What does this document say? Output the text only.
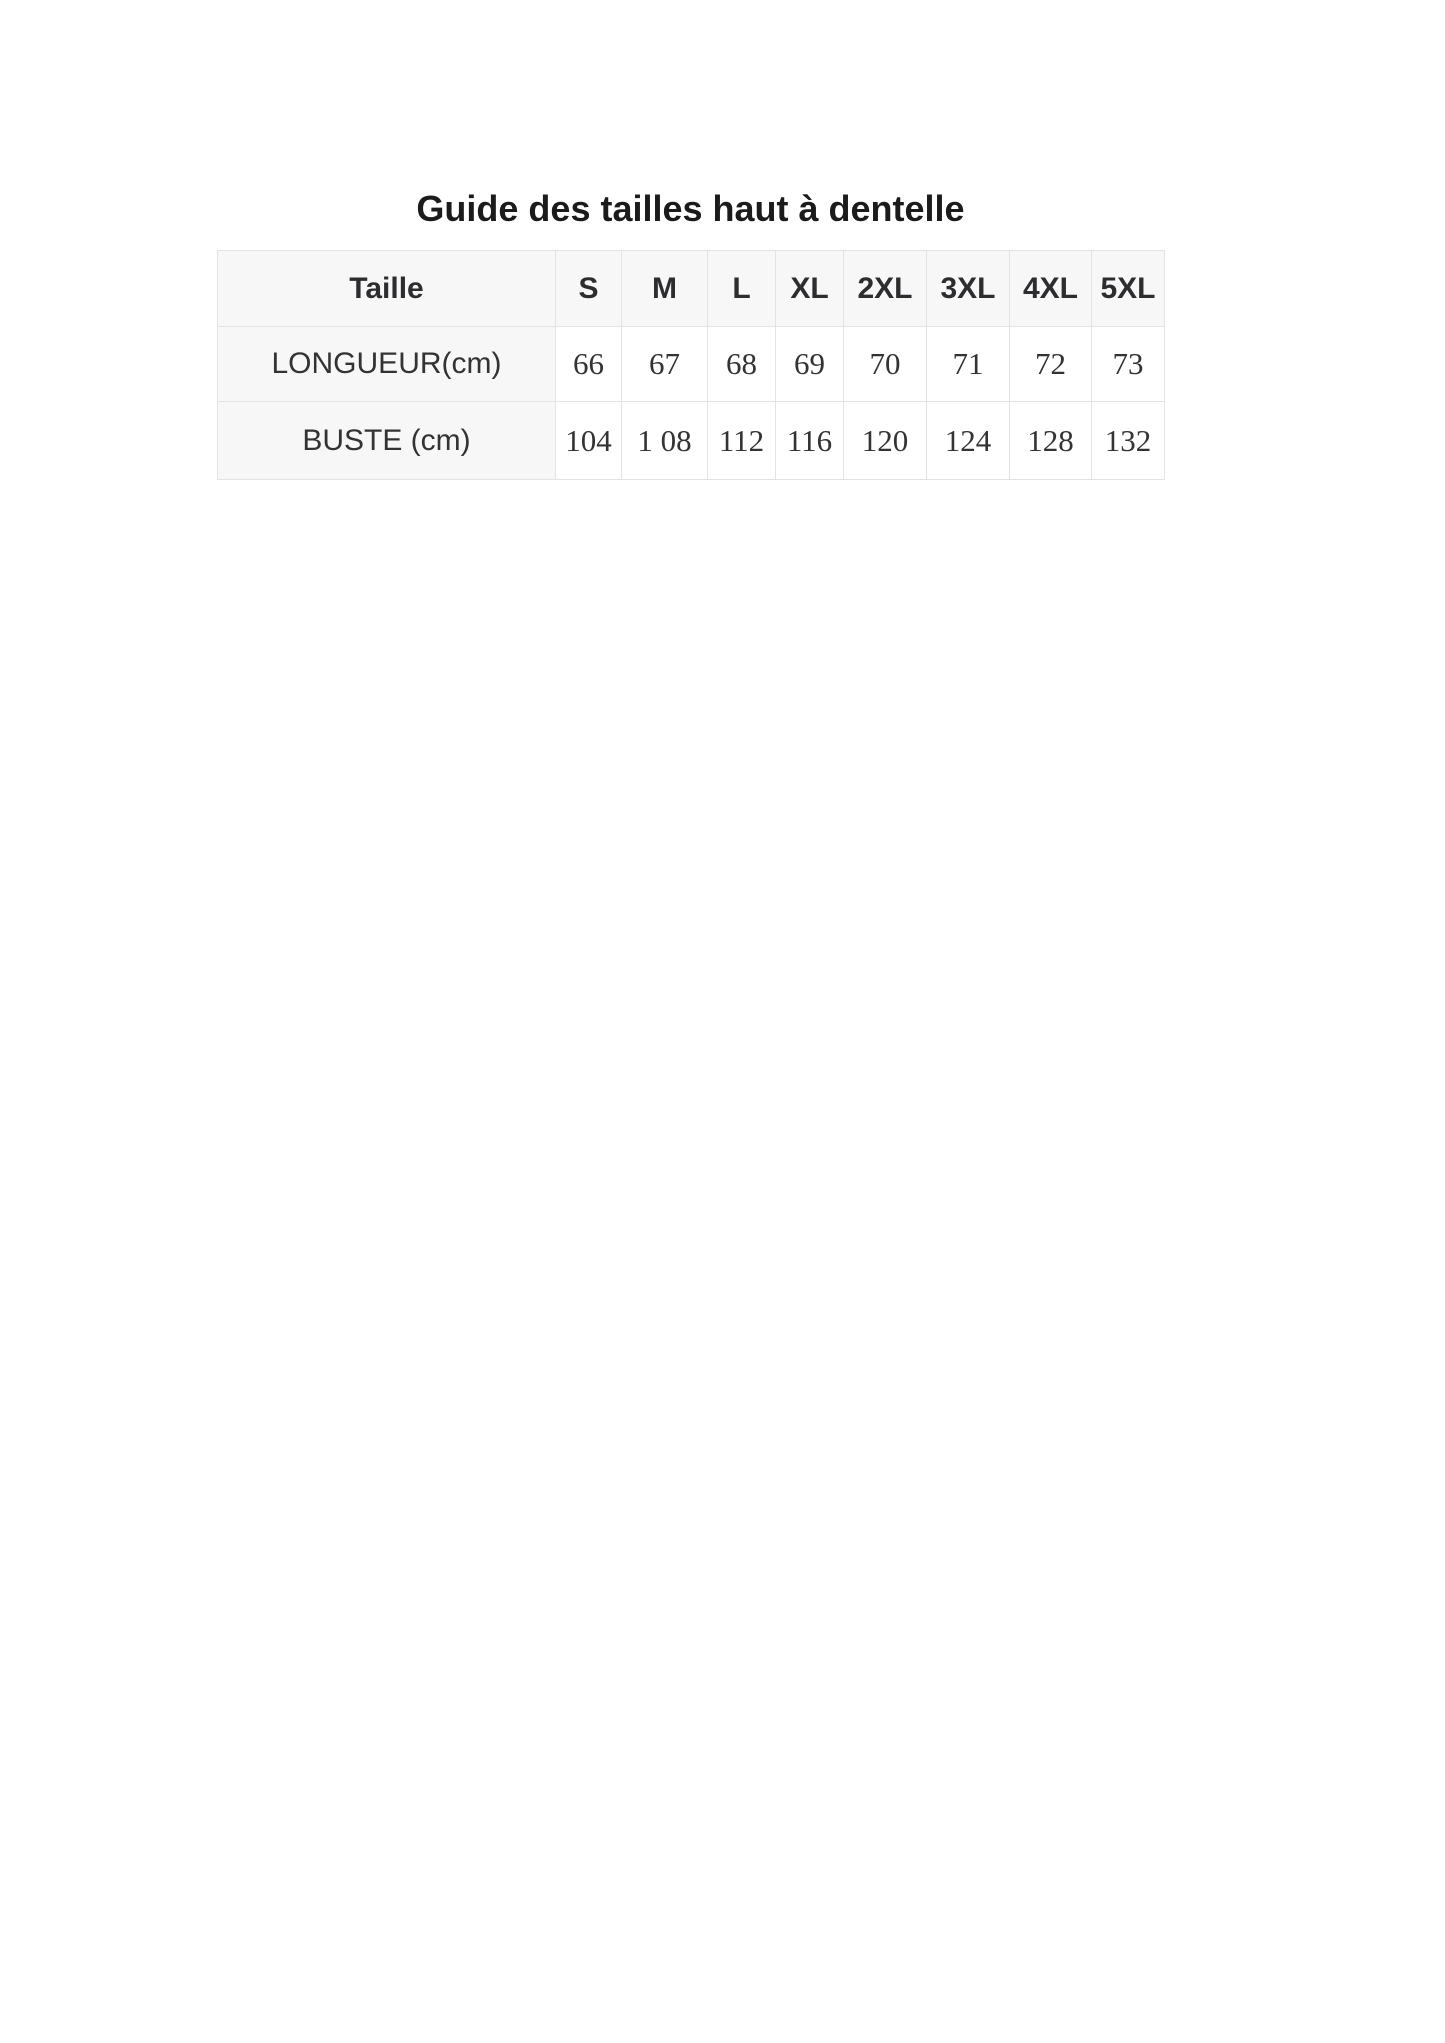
Guide des tailles haut à dentelle
Taille	S	M	L	XL	2XL	3XL	4XL	5XL
LONGUEUR(cm)	66	67	68	69	70	71	72	73
BUSTE (cm)	104	1 08	112	116	120	124	128	132
